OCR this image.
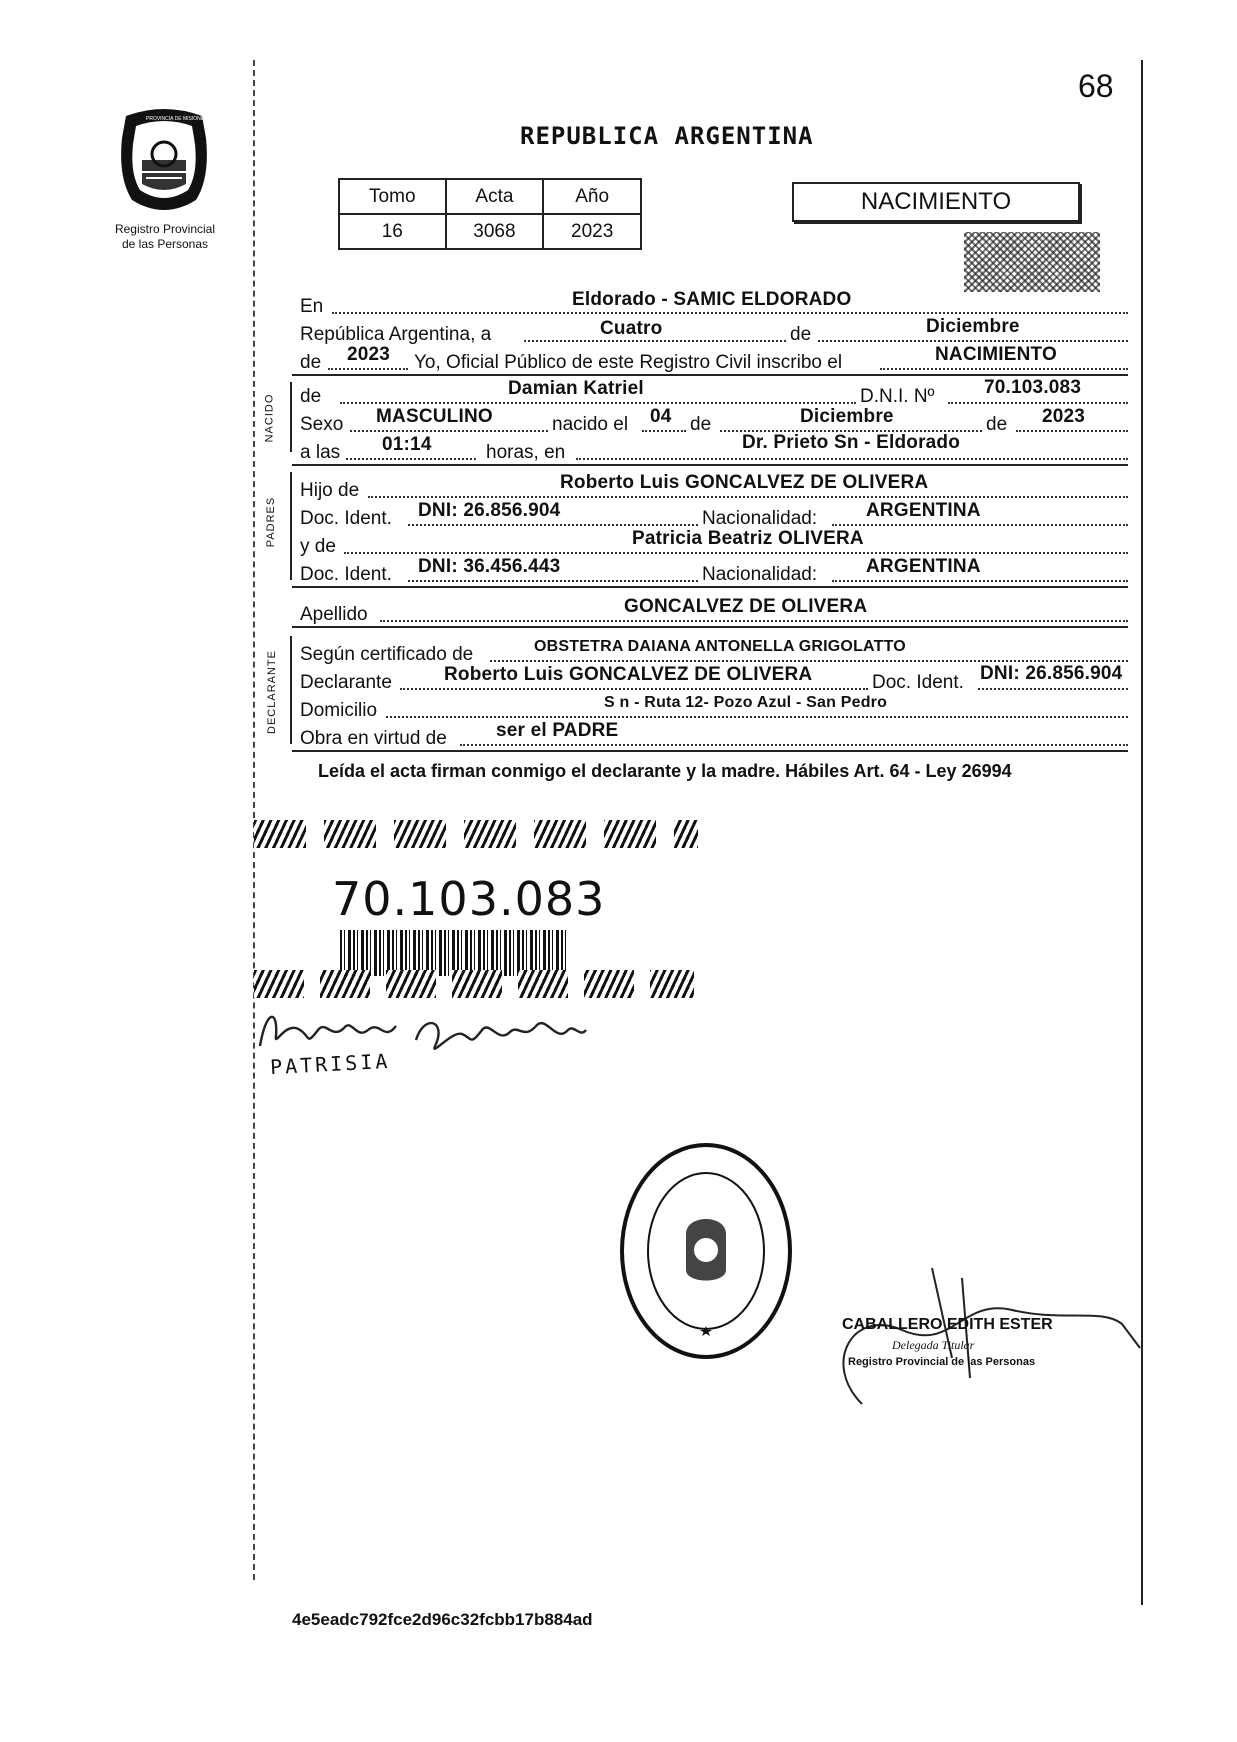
68
PROVINCIA DE MISIONES
Registro Provincial
de las Personas
REPUBLICA ARGENTINA
Tomo	Acta	Año
16	3068	2023
NACIMIENTO
En	Eldorado - SAMIC ELDORADO
República Argentina, a	Cuatro	de	Diciembre
de 2023 Yo, Oficial Público de este Registro Civil inscribo el	NACIMIENTO
NACIDO de	Damian Katriel	D.N.I. Nº	70.103.083
Sexo MASCULINO	nacido el 04 de	Diciembre	de 2023
a las 01:14	horas, en	Dr. Prieto Sn - Eldorado
PADRES
Hijo de	Roberto Luis GONCALVEZ DE OLIVERA
Doc. Ident. DNI: 26.856.904	Nacionalidad:	ARGENTINA
y de	Patricia Beatriz OLIVERA
Doc. Ident. DNI: 36.456.443	Nacionalidad:	ARGENTINA
Apellido	GONCALVEZ DE OLIVERA
DECLARANTE Según certificado de	OBSTETRA DAIANA ANTONELLA GRIGOLATTO
Declarante	Roberto Luis GONCALVEZ DE OLIVERA	Doc. Ident. DNI: 26.856.904
Domicilio	S n - Ruta 12- Pozo Azul - San Pedro
Obra en virtud de	ser el PADRE
Leída el acta firman conmigo el declarante y la madre. Hábiles Art. 64 - Ley 26994
70.103.083
PATRISIA
CABALLERO EDITH ESTER
Delegada Titular
Registro Provincial de las Personas
4e5eadc792fce2d96c32fcbb17b884ad
